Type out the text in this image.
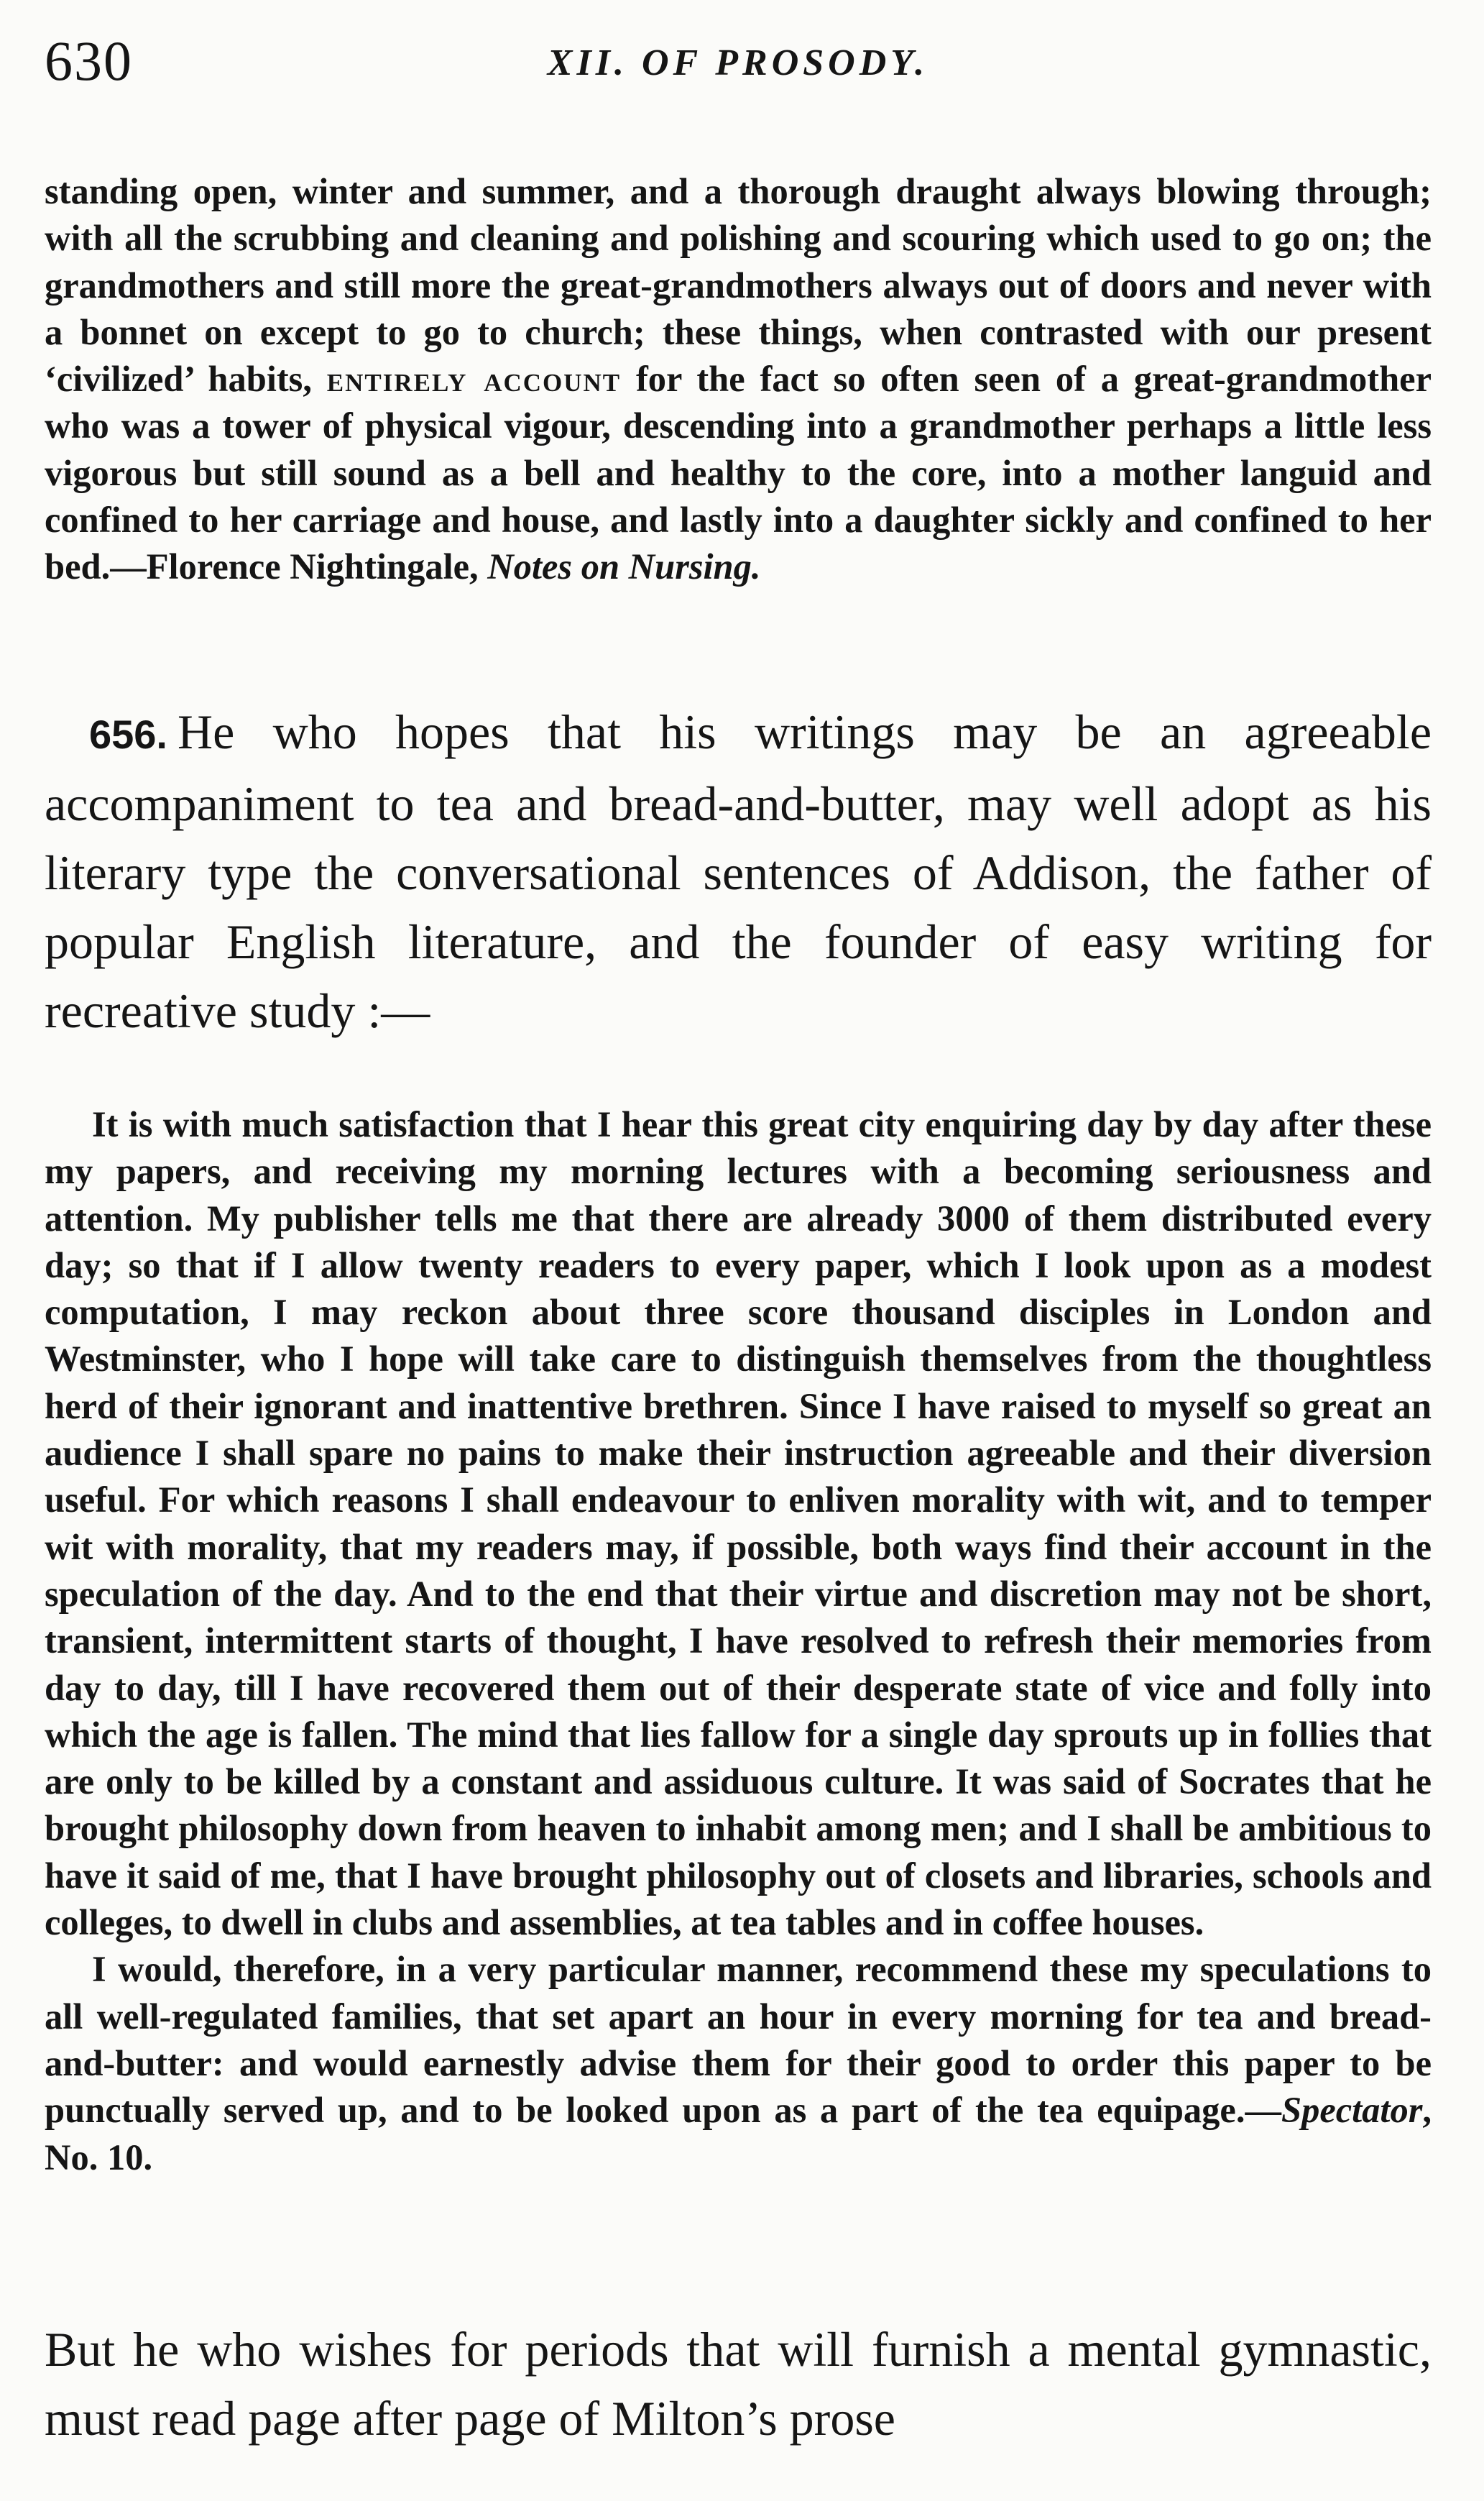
630	XII. OF PROSODY.

standing open, winter and summer, and a thorough draught always blowing through; with all the scrubbing and cleaning and polishing and scouring which used to go on; the grandmothers and still more the great-grandmothers always out of doors and never with a bonnet on except to go to church; these things, when contrasted with our present ‘civilized’ habits, entirely account for the fact so often seen of a great-grandmother who was a tower of physical vigour, descending into a grandmother perhaps a little less vigorous but still sound as a bell and healthy to the core, into a mother languid and confined to her carriage and house, and lastly into a daughter sickly and confined to her bed.—Florence Nightingale, Notes on Nursing.

656. He who hopes that his writings may be an agreeable accompaniment to tea and bread-and-butter, may well adopt as his literary type the conversational sentences of Addison, the father of popular English literature, and the founder of easy writing for recreative study :—

It is with much satisfaction that I hear this great city enquiring day by day after these my papers, and receiving my morning lectures with a becoming seriousness and attention. My publisher tells me that there are already 3000 of them distributed every day; so that if I allow twenty readers to every paper, which I look upon as a modest computation, I may reckon about three score thousand disciples in London and Westminster, who I hope will take care to distinguish themselves from the thoughtless herd of their ignorant and inattentive brethren. Since I have raised to myself so great an audience I shall spare no pains to make their instruction agreeable and their diversion useful. For which reasons I shall endeavour to enliven morality with wit, and to temper wit with morality, that my readers may, if possible, both ways find their account in the speculation of the day. And to the end that their virtue and discretion may not be short, transient, intermittent starts of thought, I have resolved to refresh their memories from day to day, till I have recovered them out of their desperate state of vice and folly into which the age is fallen. The mind that lies fallow for a single day sprouts up in follies that are only to be killed by a constant and assiduous culture. It was said of Socrates that he brought philosophy down from heaven to inhabit among men; and I shall be ambitious to have it said of me, that I have brought philosophy out of closets and libraries, schools and colleges, to dwell in clubs and assemblies, at tea tables and in coffee houses.

I would, therefore, in a very particular manner, recommend these my speculations to all well-regulated families, that set apart an hour in every morning for tea and bread-and-butter: and would earnestly advise them for their good to order this paper to be punctually served up, and to be looked upon as a part of the tea equipage.—Spectator, No. 10.

But he who wishes for periods that will furnish a mental gymnastic, must read page after page of Milton’s prose
